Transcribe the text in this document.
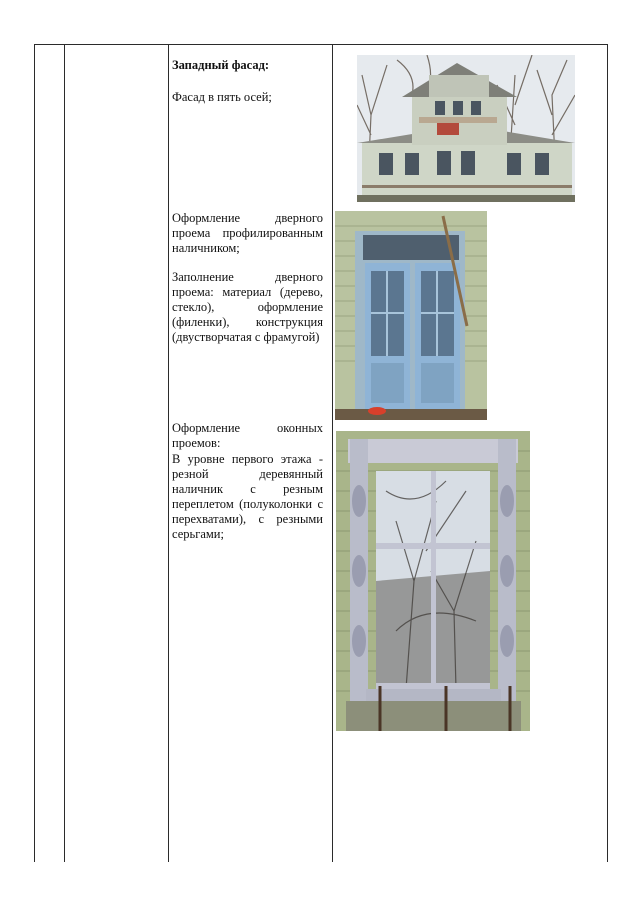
Западный фасад:
Фасад в пять осей;
Оформление дверного проема профилированным наличником;
Заполнение дверного проема: материал (дерево, стекло), оформление (филенки), конструкция (двустворчатая с фрамугой)
Оформление оконных проемов:
В уровне первого этажа - резной деревянный наличник с резным переплетом (полуколонки с перехватами), с резными серьгами;
